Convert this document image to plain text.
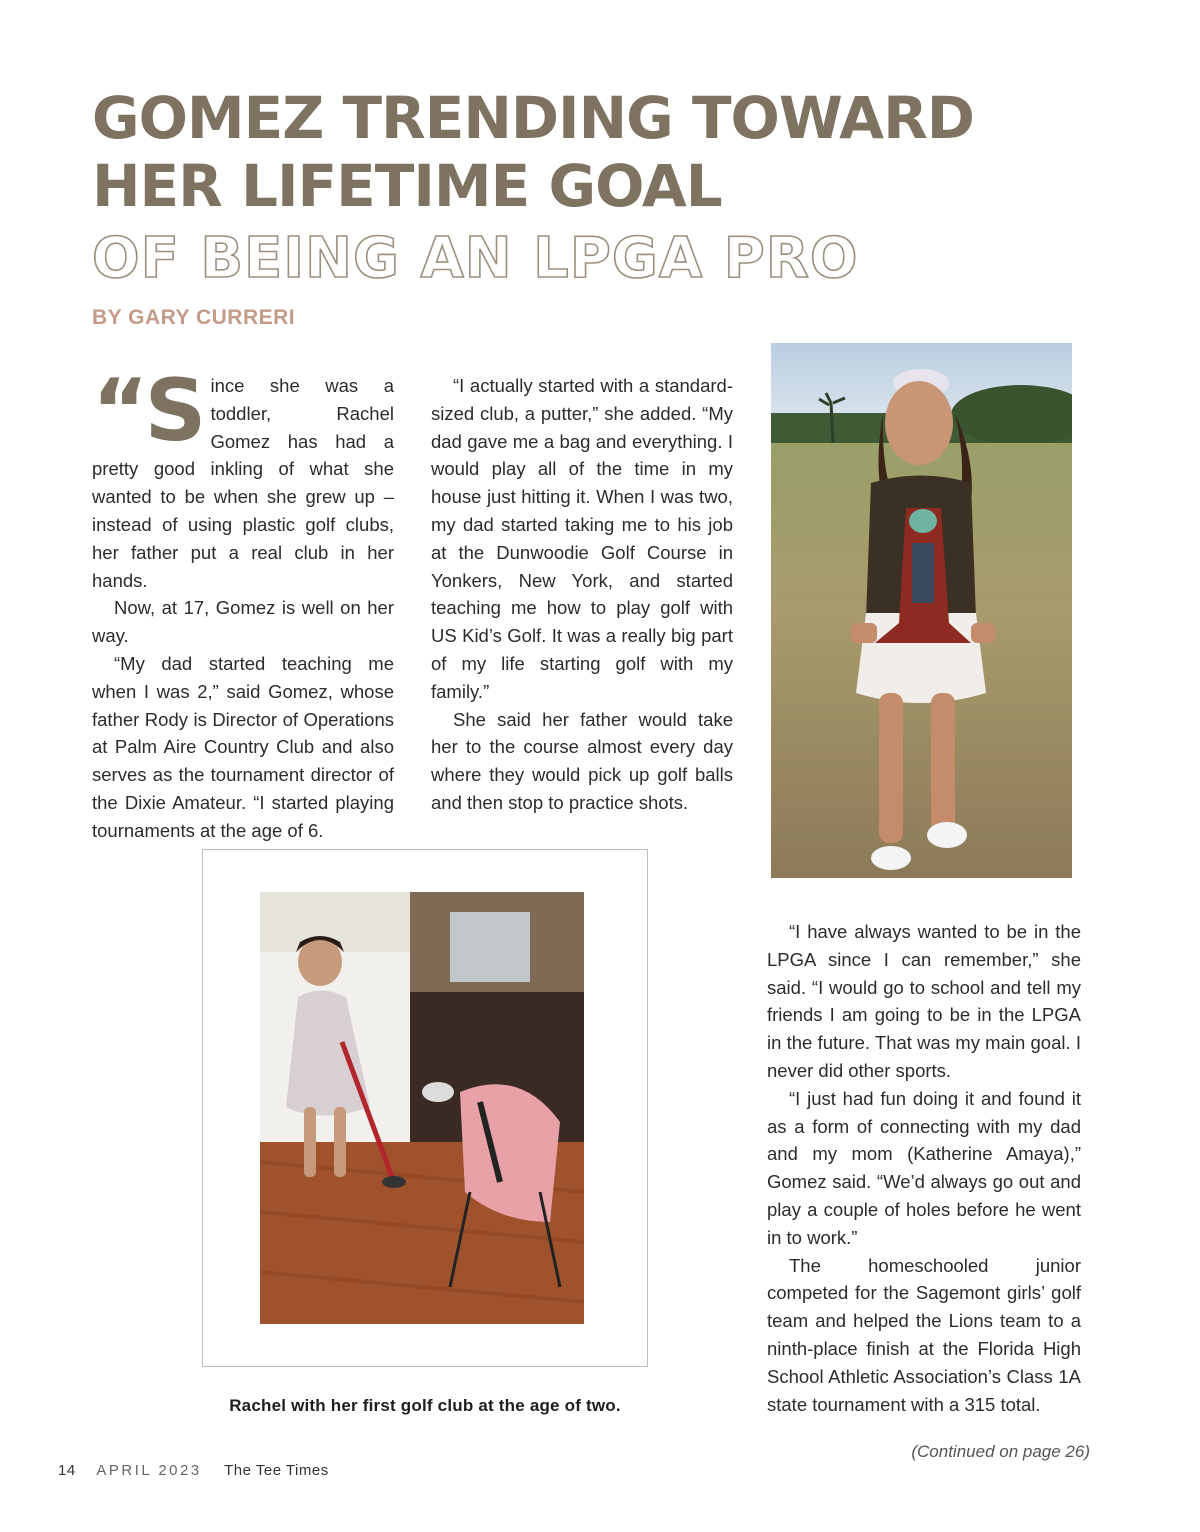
GOMEZ TRENDING TOWARD
HER LIFETIME GOAL
OF BEING AN LPGA PRO
BY GARY CURRERI

“Since she was a toddler, Rachel Gomez has had a pretty good inkling of what she wanted to be when she grew up – instead of using plastic golf clubs, her father put a real club in her hands.

Now, at 17, Gomez is well on her way.

“My dad started teaching me when I was 2,” said Gomez, whose father Rody is Director of Operations at Palm Aire Country Club and also serves as the tournament director of the Dixie Amateur. “I started playing tournaments at the age of 6.

“I actually started with a standard-sized club, a putter,” she added. “My dad gave me a bag and everything. I would play all of the time in my house just hitting it. When I was two, my dad started taking me to his job at the Dunwoodie Golf Course in Yonkers, New York, and started teaching me how to play golf with US Kid’s Golf. It was a really big part of my life starting golf with my family.”

She said her father would take her to the course almost every day where they would pick up golf balls and then stop to practice shots.

Rachel with her first golf club at the age of two.

“I have always wanted to be in the LPGA since I can remember,” she said. “I would go to school and tell my friends I am going to be in the LPGA in the future. That was my main goal. I never did other sports.

“I just had fun doing it and found it as a form of connecting with my dad and my mom (Katherine Amaya),” Gomez said. “We’d always go out and play a couple of holes before he went in to work.”

The homeschooled junior competed for the Sagemont girls’ golf team and helped the Lions team to a ninth-place finish at the Florida High School Athletic Association’s Class 1A state tournament with a 315 total.

(Continued on page 26)
14 APRIL 2023 The Tee Times
